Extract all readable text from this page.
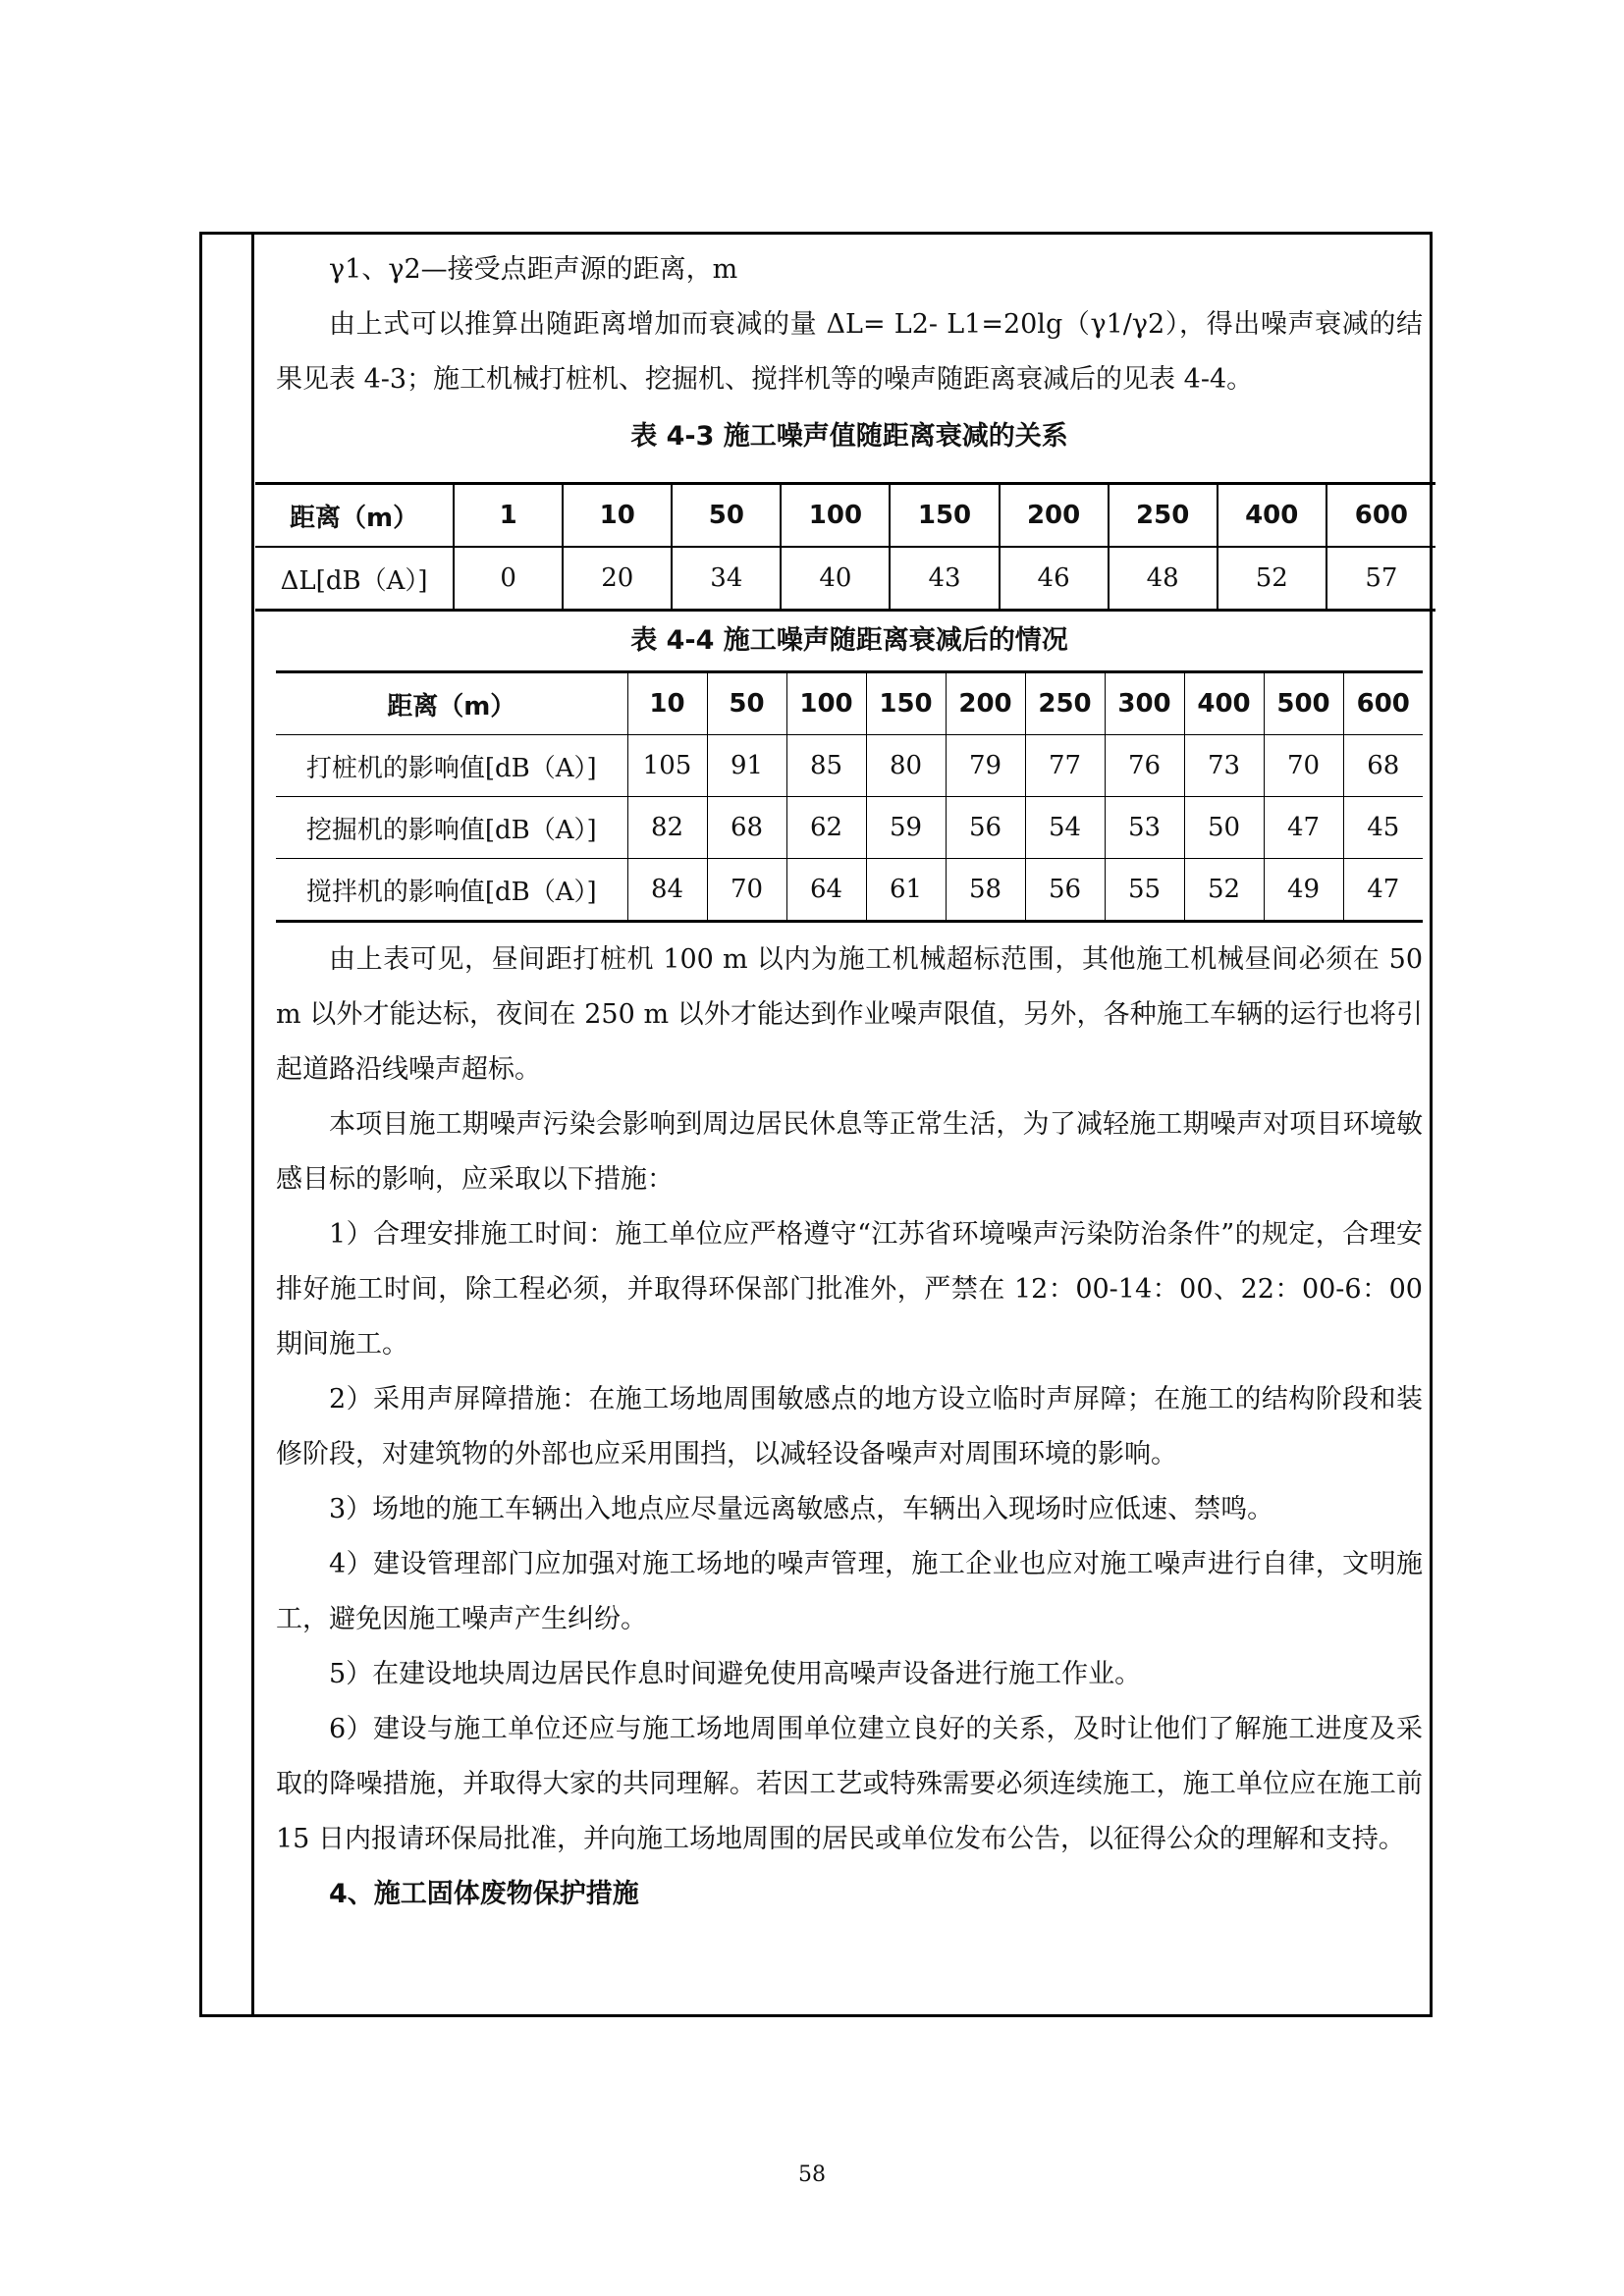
γ1、γ2—接受点距声源的距离，m

由上式可以推算出随距离增加而衰减的量 ΔL= L2- L1=20lg（γ1/γ2），得出噪声衰减的结果见表 4-3；施工机械打桩机、挖掘机、搅拌机等的噪声随距离衰减后的见表 4-4。

表 4-3 施工噪声值随距离衰减的关系
距离（m）	1	10	50	100	150	200	250	400	600
ΔL[dB（A）]	0	20	34	40	43	46	48	52	57
表 4-4 施工噪声随距离衰减后的情况
距离（m）	10	50	100	150	200	250	300	400	500	600
打桩机的影响值[dB（A）]	105	91	85	80	79	77	76	73	70	68
挖掘机的影响值[dB（A）]	82	68	62	59	56	54	53	50	47	45
搅拌机的影响值[dB（A）]	84	70	64	61	58	56	55	52	49	47

由上表可见，昼间距打桩机 100 m 以内为施工机械超标范围，其他施工机械昼间必须在 50 m 以外才能达标，夜间在 250 m 以外才能达到作业噪声限值，另外，各种施工车辆的运行也将引起道路沿线噪声超标。

本项目施工期噪声污染会影响到周边居民休息等正常生活，为了减轻施工期噪声对项目环境敏感目标的影响，应采取以下措施：

1）合理安排施工时间：施工单位应严格遵守“江苏省环境噪声污染防治条件”的规定，合理安排好施工时间，除工程必须，并取得环保部门批准外，严禁在 12：00-14：00、22：00-6：00 期间施工。

2）采用声屏障措施：在施工场地周围敏感点的地方设立临时声屏障；在施工的结构阶段和装修阶段，对建筑物的外部也应采用围挡，以减轻设备噪声对周围环境的影响。

3）场地的施工车辆出入地点应尽量远离敏感点，车辆出入现场时应低速、禁鸣。

4）建设管理部门应加强对施工场地的噪声管理，施工企业也应对施工噪声进行自律，文明施工，避免因施工噪声产生纠纷。

5）在建设地块周边居民作息时间避免使用高噪声设备进行施工作业。

6）建设与施工单位还应与施工场地周围单位建立良好的关系，及时让他们了解施工进度及采取的降噪措施，并取得大家的共同理解。若因工艺或特殊需要必须连续施工，施工单位应在施工前 15 日内报请环保局批准，并向施工场地周围的居民或单位发布公告，以征得公众的理解和支持。

4、施工固体废物保护措施

58
